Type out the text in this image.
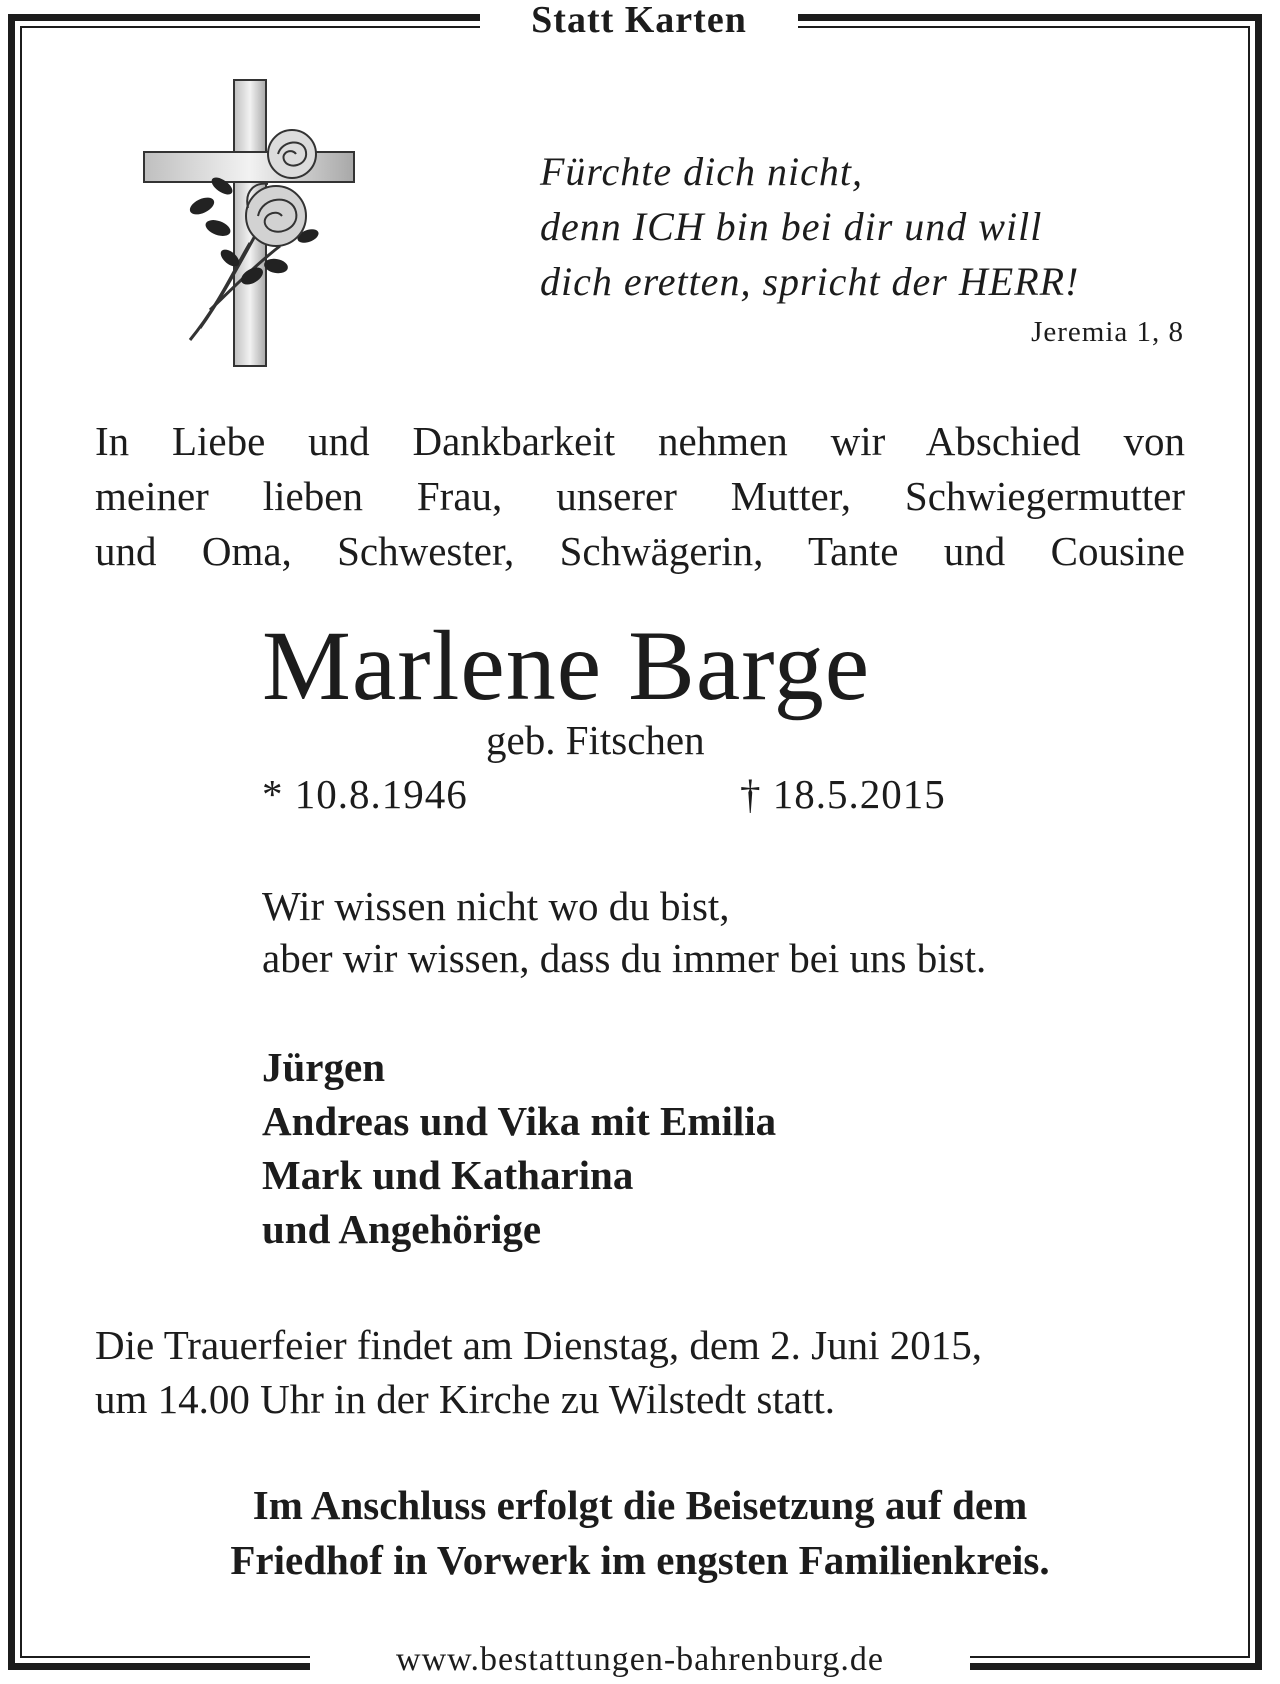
Statt Karten
Fürchte dich nicht,
denn ICH bin bei dir und will
dich eretten, spricht der HERR!
Jeremia 1, 8
In Liebe und Dankbarkeit nehmen wir Abschied von
meiner lieben Frau, unserer Mutter, Schwiegermutter
und Oma, Schwester, Schwägerin, Tante und Cousine
Marlene Barge
geb. Fitschen
* 10.8.1946	† 18.5.2015
Wir wissen nicht wo du bist,
aber wir wissen, dass du immer bei uns bist.
Jürgen
Andreas und Vika mit Emilia
Mark und Katharina
und Angehörige
Die Trauerfeier findet am Dienstag, dem 2. Juni 2015,
um 14.00 Uhr in der Kirche zu Wilstedt statt.
Im Anschluss erfolgt die Beisetzung auf dem
Friedhof in Vorwerk im engsten Familienkreis.
www.bestattungen-bahrenburg.de
